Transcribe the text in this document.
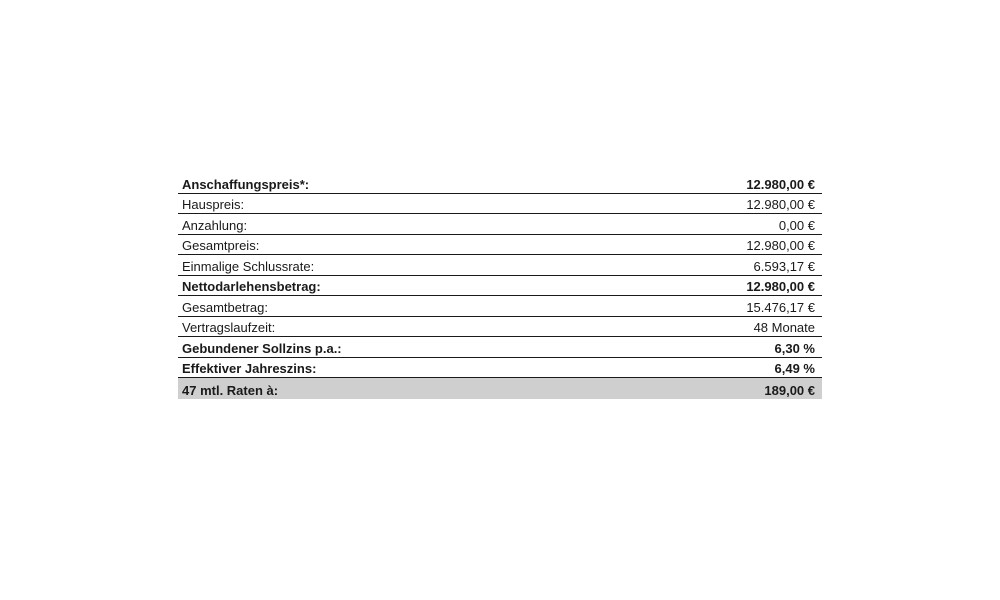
Anschaffungspreis*:	12.980,00 €
Hauspreis:	12.980,00 €
Anzahlung:	0,00 €
Gesamtpreis:	12.980,00 €
Einmalige Schlussrate:	6.593,17 €
Nettodarlehensbetrag:	12.980,00 €
Gesamtbetrag:	15.476,17 €
Vertragslaufzeit:	48 Monate
Gebundener Sollzins p.a.:	6,30 %
Effektiver Jahreszins:	6,49 %
47 mtl. Raten à:	189,00 €
